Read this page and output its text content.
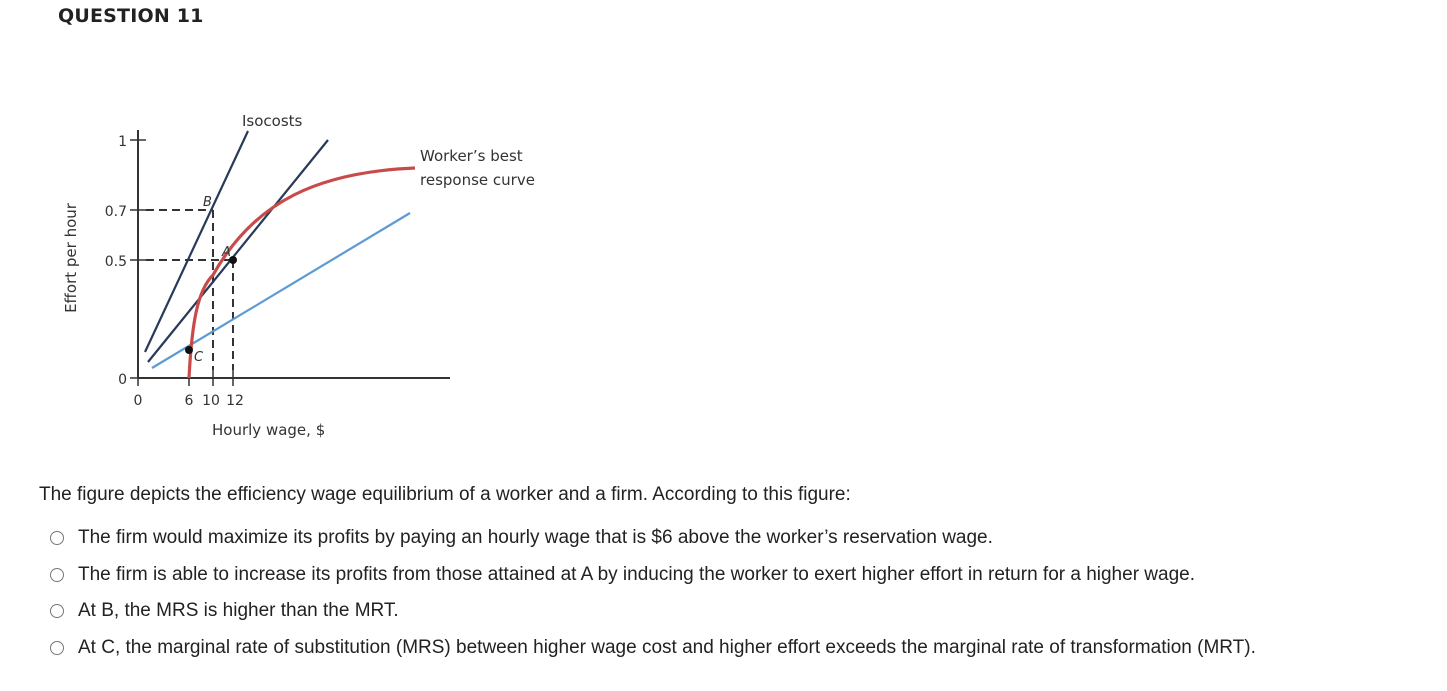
QUESTION 11
B
A
C
1
0.7
0.5
0
0	6 10 12
Hourly wage, $
Effort per hour
Isocosts
Worker’s best
response curve
The figure depicts the efficiency wage equilibrium of a worker and a firm. According to this figure:
The firm would maximize its profits by paying an hourly wage that is $6 above the worker’s reservation wage.
The firm is able to increase its profits from those attained at A by inducing the worker to exert higher effort in return for a higher wage.
At B, the MRS is higher than the MRT.
At C, the marginal rate of substitution (MRS) between higher wage cost and higher effort exceeds the marginal rate of transformation (MRT).
